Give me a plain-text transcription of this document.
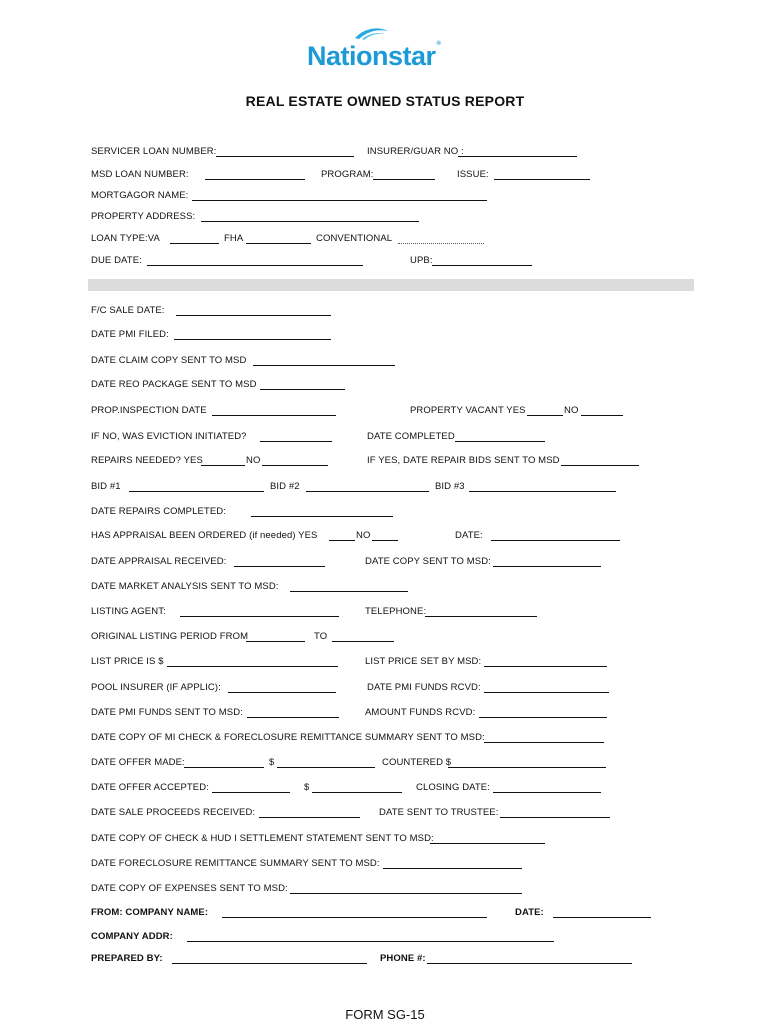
Nationstar®
REAL ESTATE OWNED STATUS REPORT
SERVICER LOAN NUMBER:	INSURER/GUAR NO :
MSD LOAN NUMBER:	PROGRAM:	ISSUE:
MORTGAGOR NAME:
PROPERTY ADDRESS:
LOAN TYPE:VA	FHA	CONVENTIONAL
DUE DATE:	UPB:
F/C SALE DATE:
DATE PMI FILED:
DATE CLAIM COPY SENT TO MSD
DATE REO PACKAGE SENT TO MSD
PROP.INSPECTION DATE	PROPERTY VACANT YES	NO
IF NO, WAS EVICTION INITIATED?	DATE COMPLETED
REPAIRS NEEDED? YES	NO	IF YES, DATE REPAIR BIDS SENT TO MSD
BID #1	BID #2	BID #3
DATE REPAIRS COMPLETED:
HAS APPRAISAL BEEN ORDERED (if needed) YES	NO	DATE:
DATE APPRAISAL RECEIVED:	DATE COPY SENT TO MSD:
DATE MARKET ANALYSIS SENT TO MSD:
LISTING AGENT:	TELEPHONE:
ORIGINAL LISTING PERIOD FROM	TO
LIST PRICE IS $	LIST PRICE SET BY MSD:
POOL INSURER (IF APPLIC):	DATE PMI FUNDS RCVD:
DATE PMI FUNDS SENT TO MSD:	AMOUNT FUNDS RCVD:
DATE COPY OF MI CHECK & FORECLOSURE REMITTANCE SUMMARY SENT TO MSD:
DATE OFFER MADE:	$	COUNTERED $
DATE OFFER ACCEPTED:	$	CLOSING DATE:
DATE SALE PROCEEDS RECEIVED:	DATE SENT TO TRUSTEE:
DATE COPY OF CHECK & HUD I SETTLEMENT STATEMENT SENT TO MSD:
DATE FORECLOSURE REMITTANCE SUMMARY SENT TO MSD:
DATE COPY OF EXPENSES SENT TO MSD:
FROM: COMPANY NAME:	DATE:
COMPANY ADDR:
PREPARED BY:	PHONE #:
FORM SG-15
